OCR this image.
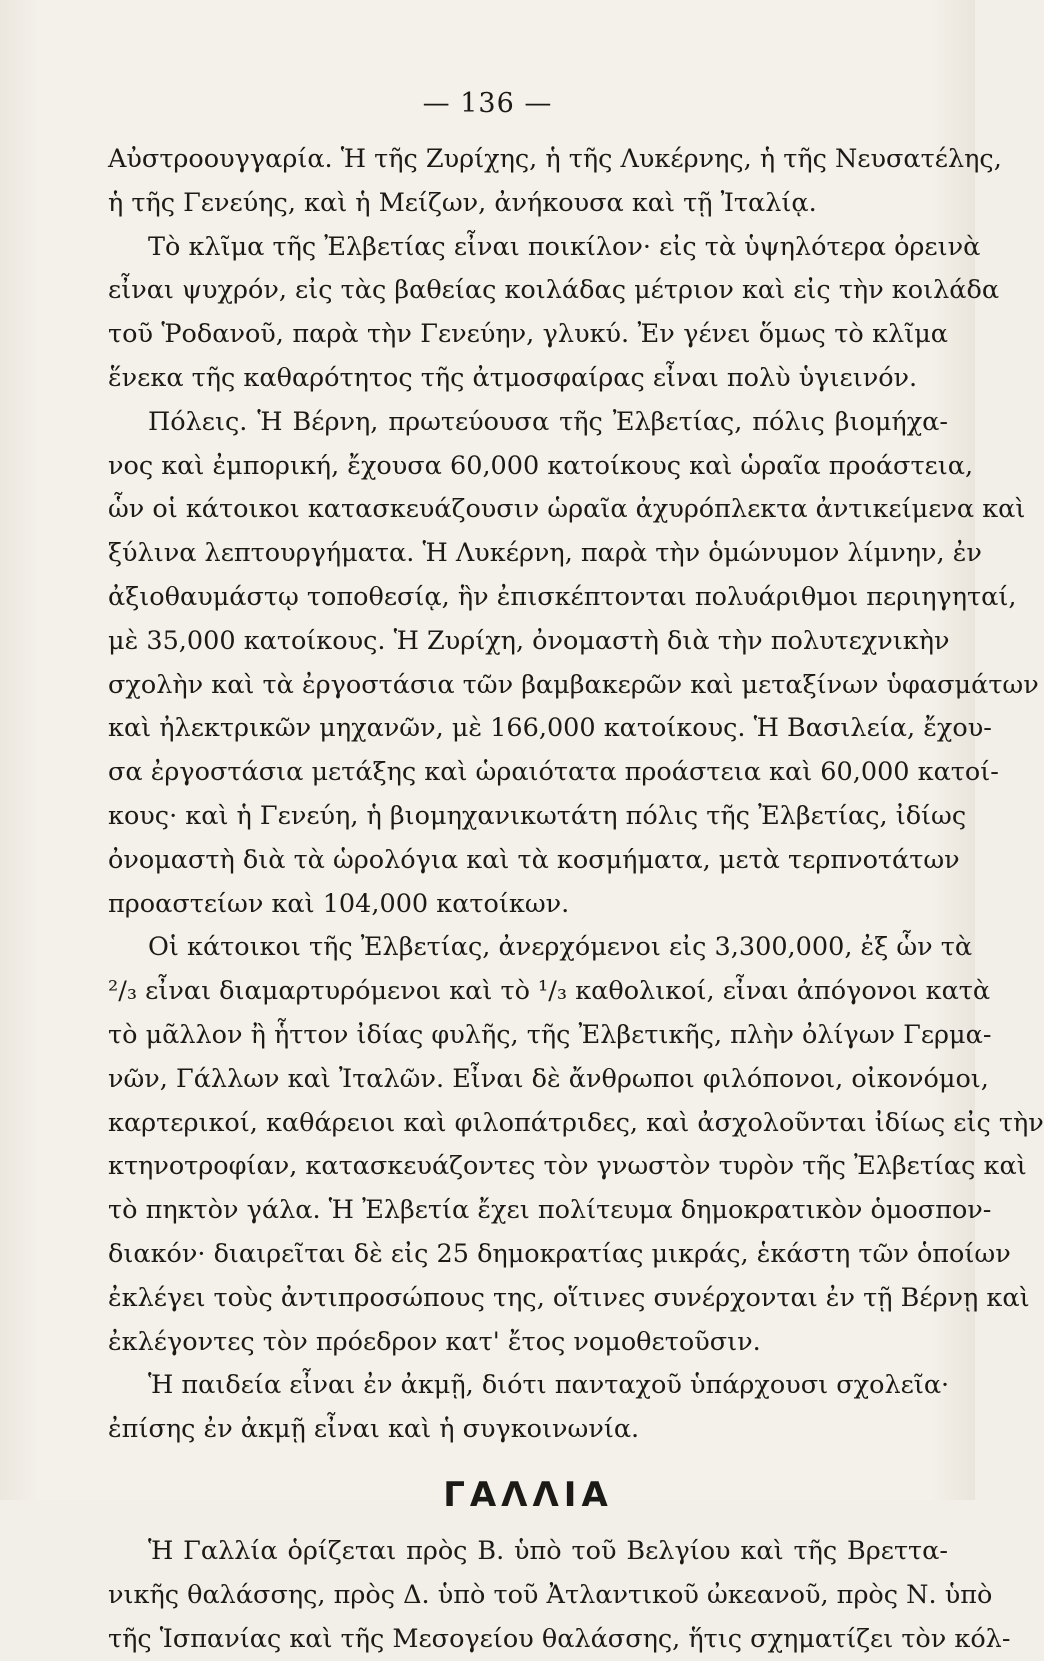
— 136 —
Αὐστροουγγαρία. Ἡ τῆς Ζυρίχης, ἡ τῆς Λυκέρνης, ἡ τῆς Νευσατέλης,
ἡ τῆς Γενεύης, καὶ ἡ Μείζων, ἀνήκουσα καὶ τῇ Ἰταλίᾳ.
Τὸ κλῖμα τῆς Ἐλβετίας εἶναι ποικίλον· εἰς τὰ ὑψηλότερα ὀρεινὰ
εἶναι ψυχρόν, εἰς τὰς βαθείας κοιλάδας μέτριον καὶ εἰς τὴν κοιλάδα
τοῦ Ῥοδανοῦ, παρὰ τὴν Γενεύην, γλυκύ. Ἐν γένει ὅμως τὸ κλῖμα
ἕνεκα τῆς καθαρότητος τῆς ἀτμοσφαίρας εἶναι πολὺ ὑγιεινόν.
Πόλεις. Ἡ Βέρνη, πρωτεύουσα τῆς Ἐλβετίας, πόλις βιομήχα-
νος καὶ ἐμπορική, ἔχουσα 60,000 κατοίκους καὶ ὡραῖα προάστεια,
ὧν οἱ κάτοικοι κατασκευάζουσιν ὡραῖα ἀχυρόπλεκτα ἀντικείμενα καὶ
ξύλινα λεπτουργήματα. Ἡ Λυκέρνη, παρὰ τὴν ὁμώνυμον λίμνην, ἐν
ἀξιοθαυμάστῳ τοποθεσίᾳ, ἣν ἐπισκέπτονται πολυάριθμοι περιηγηταί,
μὲ 35,000 κατοίκους. Ἡ Ζυρίχη, ὀνομαστὴ διὰ τὴν πολυτεχνικὴν
σχολὴν καὶ τὰ ἐργοστάσια τῶν βαμβακερῶν καὶ μεταξίνων ὑφασμάτων
καὶ ἠλεκτρικῶν μηχανῶν, μὲ 166,000 κατοίκους. Ἡ Βασιλεία, ἔχου-
σα ἐργοστάσια μετάξης καὶ ὡραιότατα προάστεια καὶ 60,000 κατοί-
κους· καὶ ἡ Γενεύη, ἡ βιομηχανικωτάτη πόλις τῆς Ἐλβετίας, ἰδίως
ὀνομαστὴ διὰ τὰ ὡρολόγια καὶ τὰ κοσμήματα, μετὰ τερπνοτάτων
προαστείων καὶ 104,000 κατοίκων.
Οἱ κάτοικοι τῆς Ἐλβετίας, ἀνερχόμενοι εἰς 3,300,000, ἐξ ὧν τὰ
²/₃ εἶναι διαμαρτυρόμενοι καὶ τὸ ¹/₃ καθολικοί, εἶναι ἀπόγονοι κατὰ
τὸ μᾶλλον ἢ ἧττον ἰδίας φυλῆς, τῆς Ἐλβετικῆς, πλὴν ὀλίγων Γερμα-
νῶν, Γάλλων καὶ Ἰταλῶν. Εἶναι δὲ ἄνθρωποι φιλόπονοι, οἰκονόμοι,
καρτερικοί, καθάρειοι καὶ φιλοπάτριδες, καὶ ἀσχολοῦνται ἰδίως εἰς τὴν
κτηνοτροφίαν, κατασκευάζοντες τὸν γνωστὸν τυρὸν τῆς Ἐλβετίας καὶ
τὸ πηκτὸν γάλα. Ἡ Ἐλβετία ἔχει πολίτευμα δημοκρατικὸν ὁμοσπον-
διακόν· διαιρεῖται δὲ εἰς 25 δημοκρατίας μικράς, ἑκάστη τῶν ὁποίων
ἐκλέγει τοὺς ἀντιπροσώπους της, οἵτινες συνέρχονται ἐν τῇ Βέρνῃ καὶ
ἐκλέγοντες τὸν πρόεδρον κατ' ἔτος νομοθετοῦσιν.
Ἡ παιδεία εἶναι ἐν ἀκμῇ, διότι πανταχοῦ ὑπάρχουσι σχολεῖα·
ἐπίσης ἐν ἀκμῇ εἶναι καὶ ἡ συγκοινωνία.
ΓΑΛΛΙΑ
Ἡ Γαλλία ὁρίζεται πρὸς Β. ὑπὸ τοῦ Βελγίου καὶ τῆς Βρεττα-
νικῆς θαλάσσης, πρὸς Δ. ὑπὸ τοῦ Ἀτλαντικοῦ ὠκεανοῦ, πρὸς Ν. ὑπὸ
τῆς Ἱσπανίας καὶ τῆς Μεσογείου θαλάσσης, ἥτις σχηματίζει τὸν κόλ-
